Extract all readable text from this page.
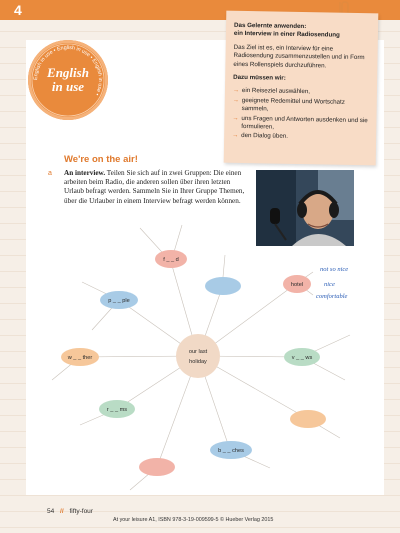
4
English in use • English in use • English in use •
English
in use

Das Gelernte anwenden:
ein Interview in einer Radiosendung

Das Ziel ist es, ein Interview für eine Radiosendung zusammenzustellen und in Form eines Rollenspiels durchzuführen.

Dazu müssen wir:

→ ein Reiseziel auswählen,
→ geeignete Redemittel und Wortschatz sammeln,
→ uns Fragen und Antworten ausdenken und sie formulieren,
→ den Dialog üben.
We're on the air!
a An interview. Teilen Sie sich auf in zwei Gruppen: Die einen arbeiten beim Radio, die anderen sollen über ihren letzten Urlaub befragt werden. Sammeln Sie in Ihrer Gruppe Themen, über die Urlauber in einem Interview befragt werden können.
our last
holiday
f _ _ d
hotel
p _ _ ple
w _ _ ther	v _ _ ws
r _ _ ms
b _ _ ches
not so nice
nice
comfortable
54 // fifty-four
At your leisure A1, ISBN 978-3-19-009599-5 © Hueber Verlag 2015
